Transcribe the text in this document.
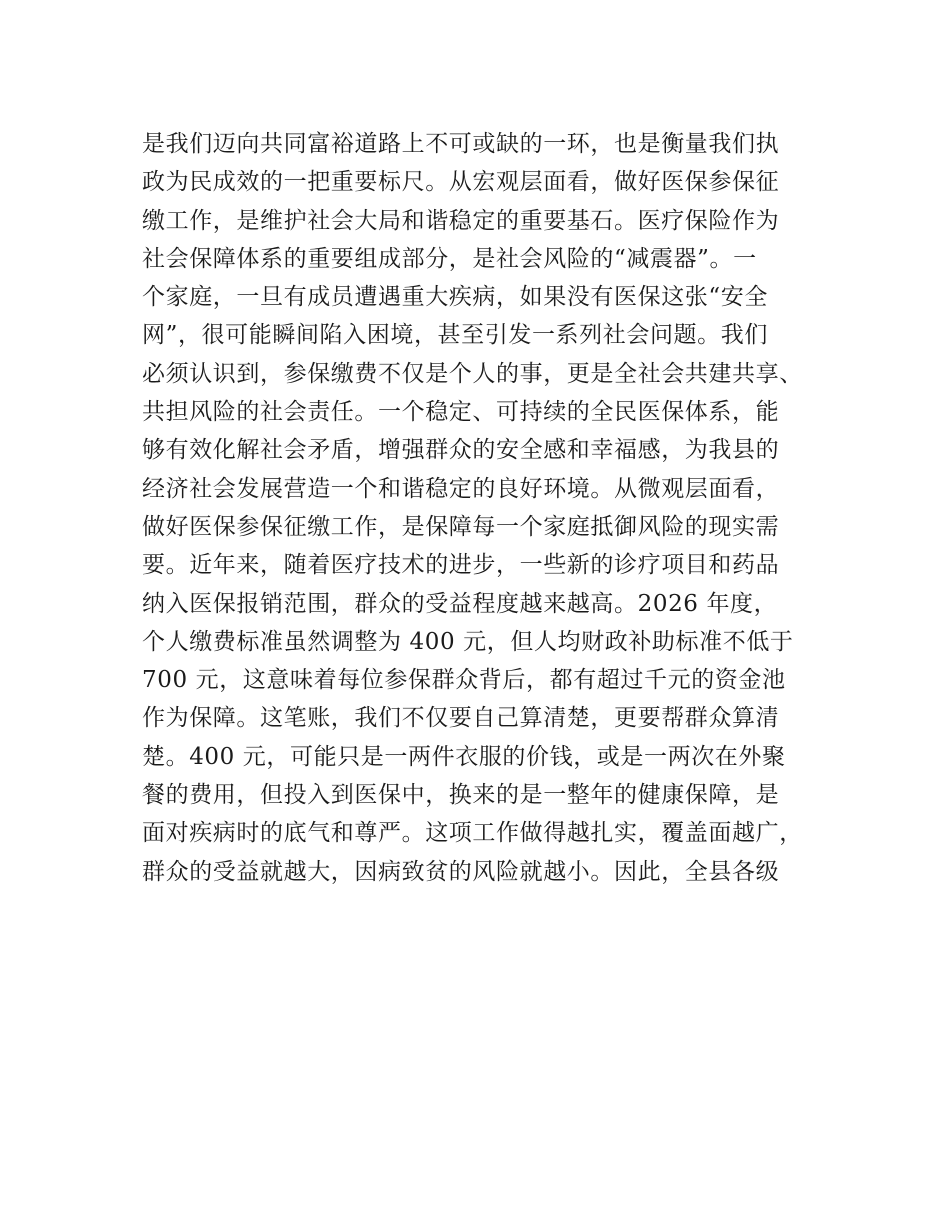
是我们迈向共同富裕道路上不可或缺的一环，也是衡量我们执
政为民成效的一把重要标尺。从宏观层面看，做好医保参保征
缴工作，是维护社会大局和谐稳定的重要基石。医疗保险作为
社会保障体系的重要组成部分，是社会风险的“减震器”。一
个家庭，一旦有成员遭遇重大疾病，如果没有医保这张“安全
网”，很可能瞬间陷入困境，甚至引发一系列社会问题。我们
必须认识到，参保缴费不仅是个人的事，更是全社会共建共享、
共担风险的社会责任。一个稳定、可持续的全民医保体系，能
够有效化解社会矛盾，增强群众的安全感和幸福感，为我县的
经济社会发展营造一个和谐稳定的良好环境。从微观层面看，
做好医保参保征缴工作，是保障每一个家庭抵御风险的现实需
要。近年来，随着医疗技术的进步，一些新的诊疗项目和药品
纳入医保报销范围，群众的受益程度越来越高。2026 年度，
个人缴费标准虽然调整为 400 元，但人均财政补助标准不低于
700 元，这意味着每位参保群众背后，都有超过千元的资金池
作为保障。这笔账，我们不仅要自己算清楚，更要帮群众算清
楚。400 元，可能只是一两件衣服的价钱，或是一两次在外聚
餐的费用，但投入到医保中，换来的是一整年的健康保障，是
面对疾病时的底气和尊严。这项工作做得越扎实，覆盖面越广，
群众的受益就越大，因病致贫的风险就越小。因此，全县各级
